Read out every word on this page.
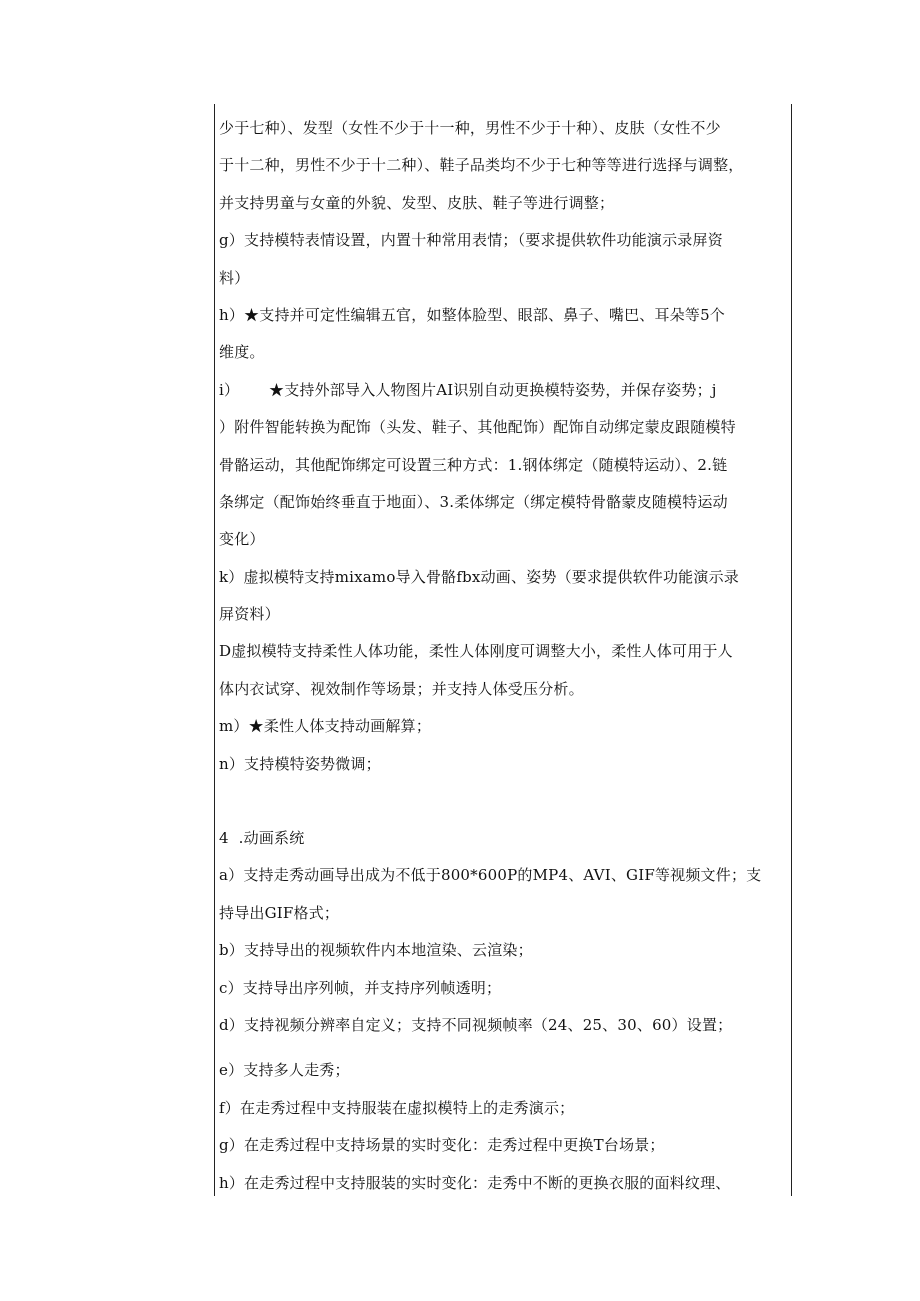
少于七种）、发型（女性不少于十一种，男性不少于十种）、皮肤（女性不少
于十二种，男性不少于十二种）、鞋子品类均不少于七种等等进行选择与调整，
并支持男童与女童的外貌、发型、皮肤、鞋子等进行调整；
g）支持模特表情设置，内置十种常用表情；（要求提供软件功能演示录屏资
料）
h）★支持并可定性编辑五官，如整体脸型、眼部、鼻子、嘴巴、耳朵等5个
维度。
i）      ★支持外部导入人物图片AI识别自动更换模特姿势，并保存姿势；j
）附件智能转换为配饰（头发、鞋子、其他配饰）配饰自动绑定蒙皮跟随模特
骨骼运动，其他配饰绑定可设置三种方式：1.钢体绑定（随模特运动）、2.链
条绑定（配饰始终垂直于地面）、3.柔体绑定（绑定模特骨骼蒙皮随模特运动
变化）
k）虚拟模特支持mixamo导入骨骼fbx动画、姿势（要求提供软件功能演示录
屏资料）
D虚拟模特支持柔性人体功能，柔性人体刚度可调整大小，柔性人体可用于人
体内衣试穿、视效制作等场景；并支持人体受压分析。
m）★柔性人体支持动画解算；
n）支持模特姿势微调；
4  .动画系统
a）支持走秀动画导出成为不低于800*600P的MP4、AVI、GIF等视频文件；支
持导出GIF格式；
b）支持导出的视频软件内本地渲染、云渲染；
c）支持导出序列帧，并支持序列帧透明；
d）支持视频分辨率自定义；支持不同视频帧率（24、25、30、60）设置；
e）支持多人走秀；
f）在走秀过程中支持服装在虚拟模特上的走秀演示；
g）在走秀过程中支持场景的实时变化：走秀过程中更换T台场景；
h）在走秀过程中支持服装的实时变化：走秀中不断的更换衣服的面料纹理、
